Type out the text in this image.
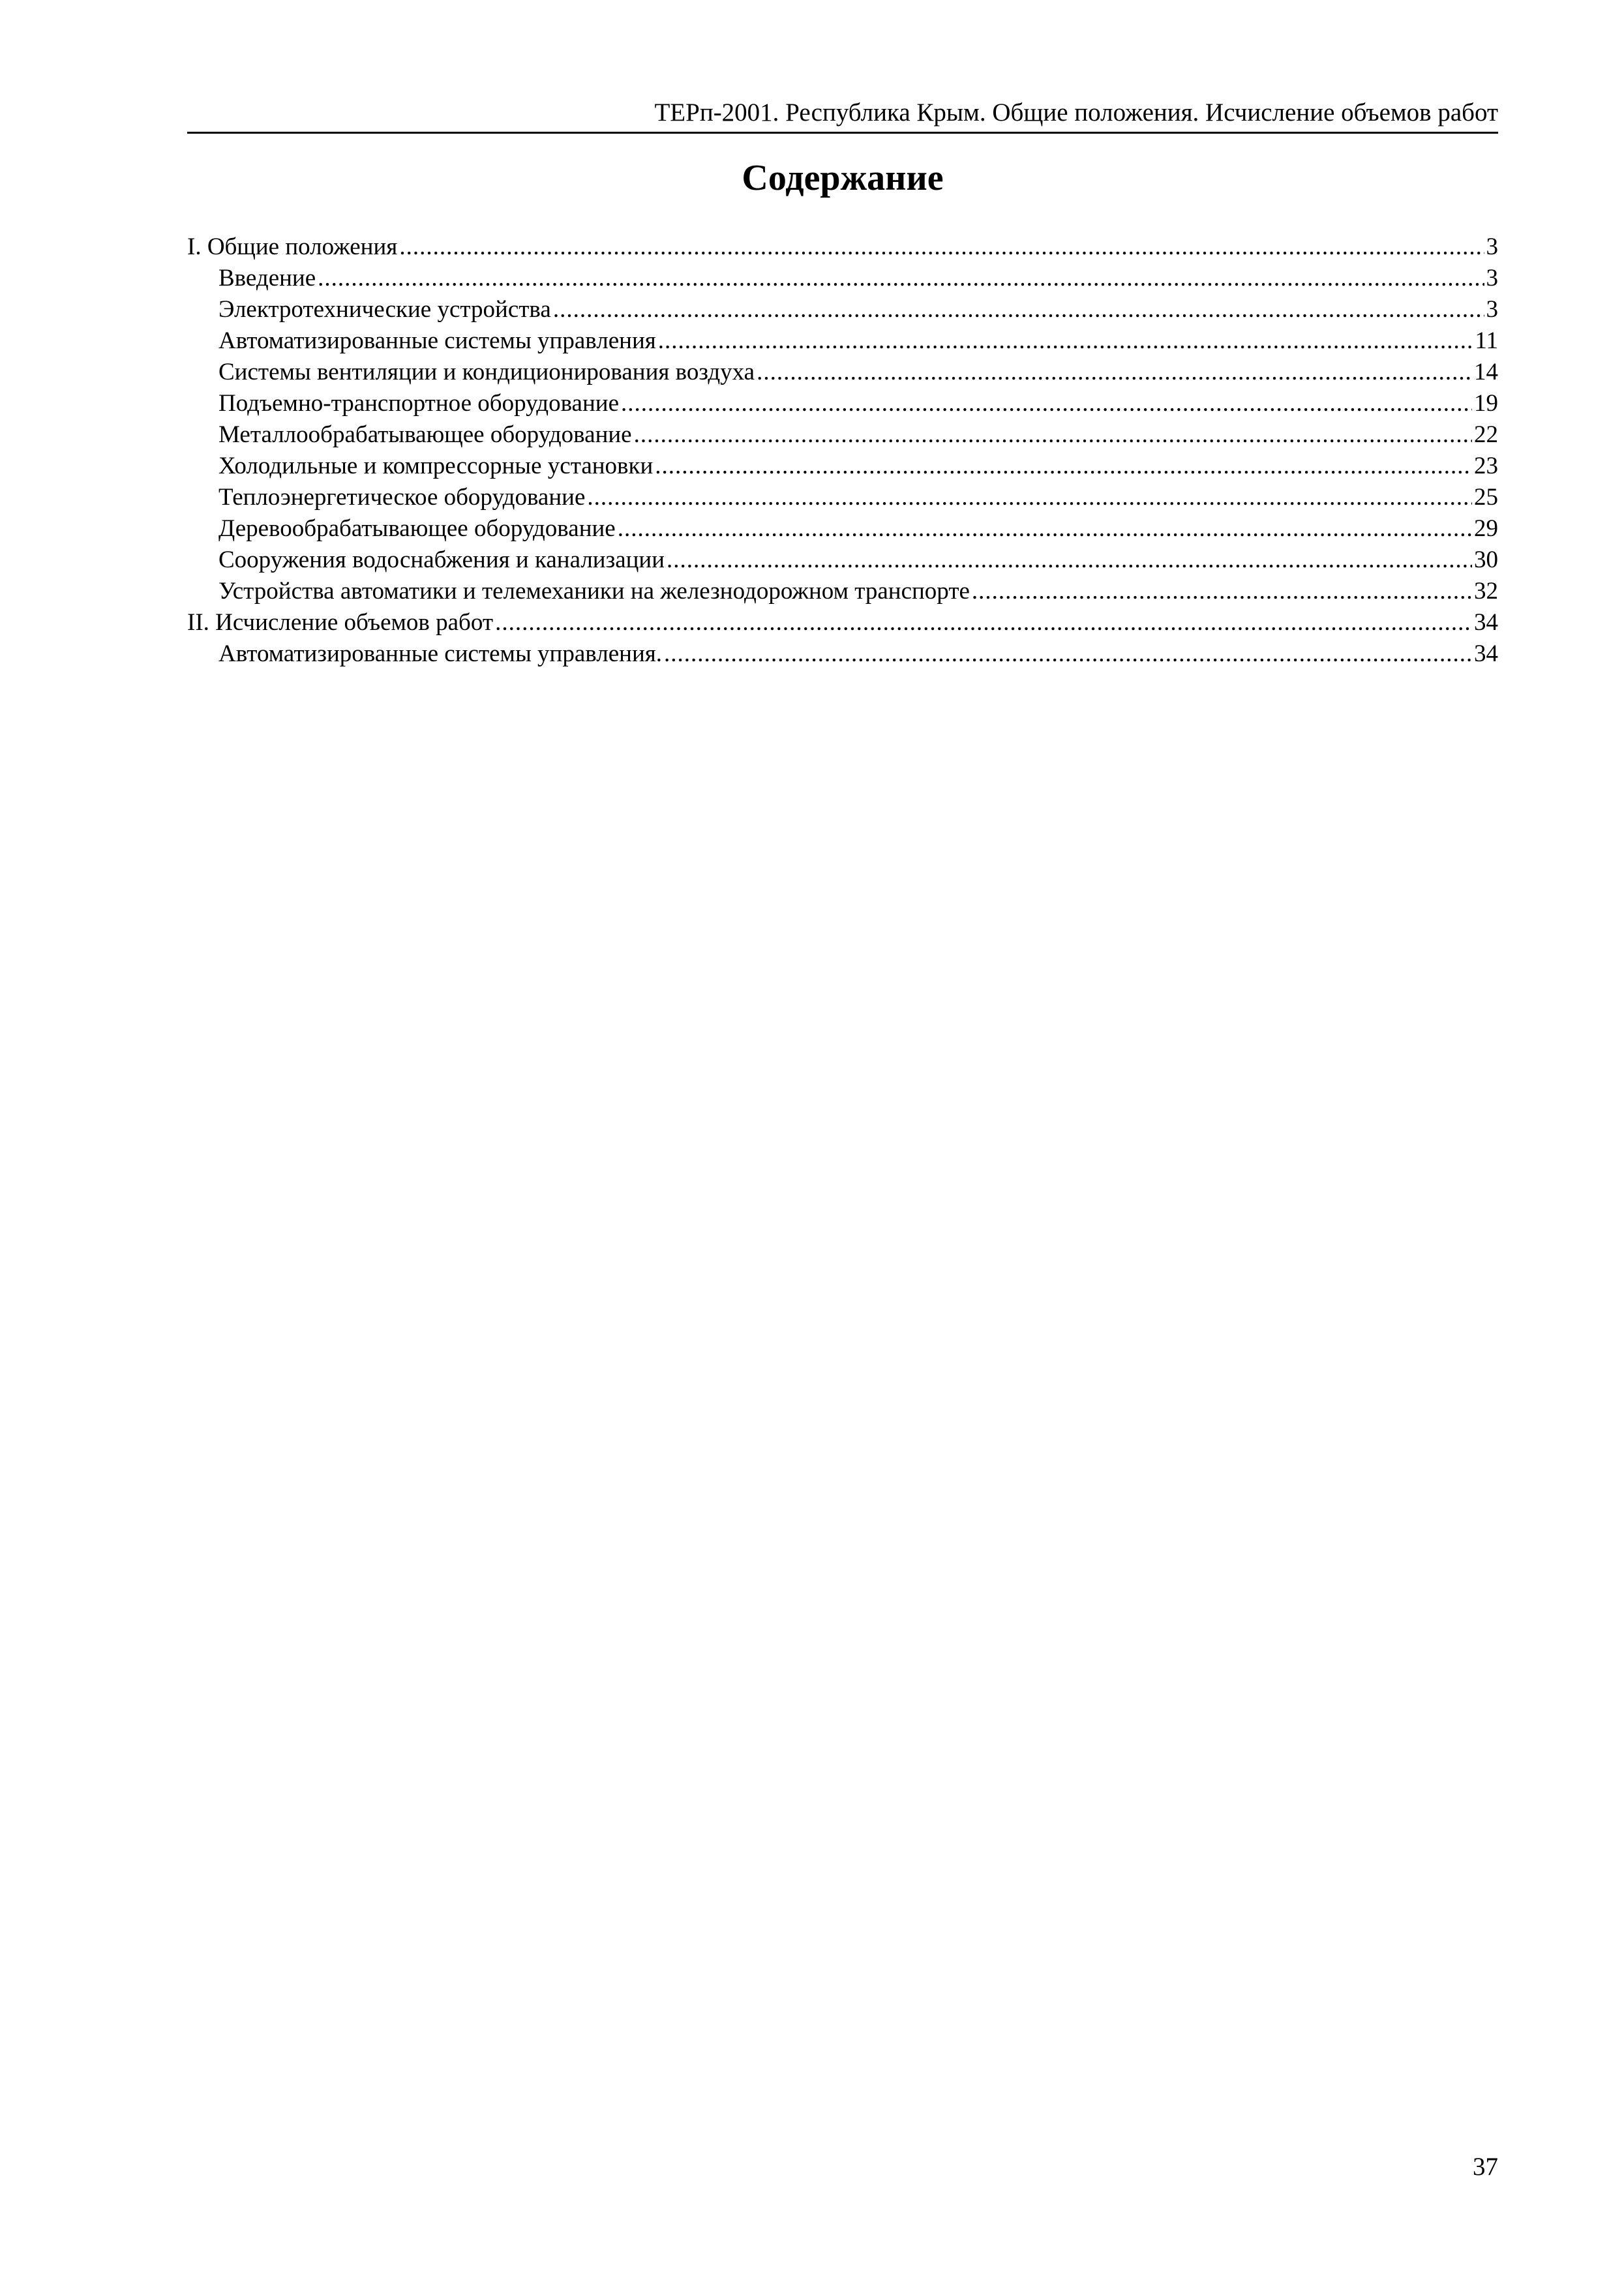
ТЕРп-2001. Республика Крым. Общие положения. Исчисление объемов работ
Содержание
I. Общие положения .....	3
Введение .....	3
Электротехнические устройства .....	3
Автоматизированные системы управления .....	11
Системы вентиляции и кондиционирования воздуха .....	14
Подъемно-транспортное оборудование .....	19
Металлообрабатывающее оборудование .....	22
Холодильные и компрессорные установки .....	23
Теплоэнергетическое оборудование .....	25
Деревообрабатывающее оборудование .....	29
Сооружения водоснабжения и канализации .....	30
Устройства автоматики и телемеханики на железнодорожном транспорте .....	32
II. Исчисление объемов работ .....	34
Автоматизированные системы управления. .....	34
37
